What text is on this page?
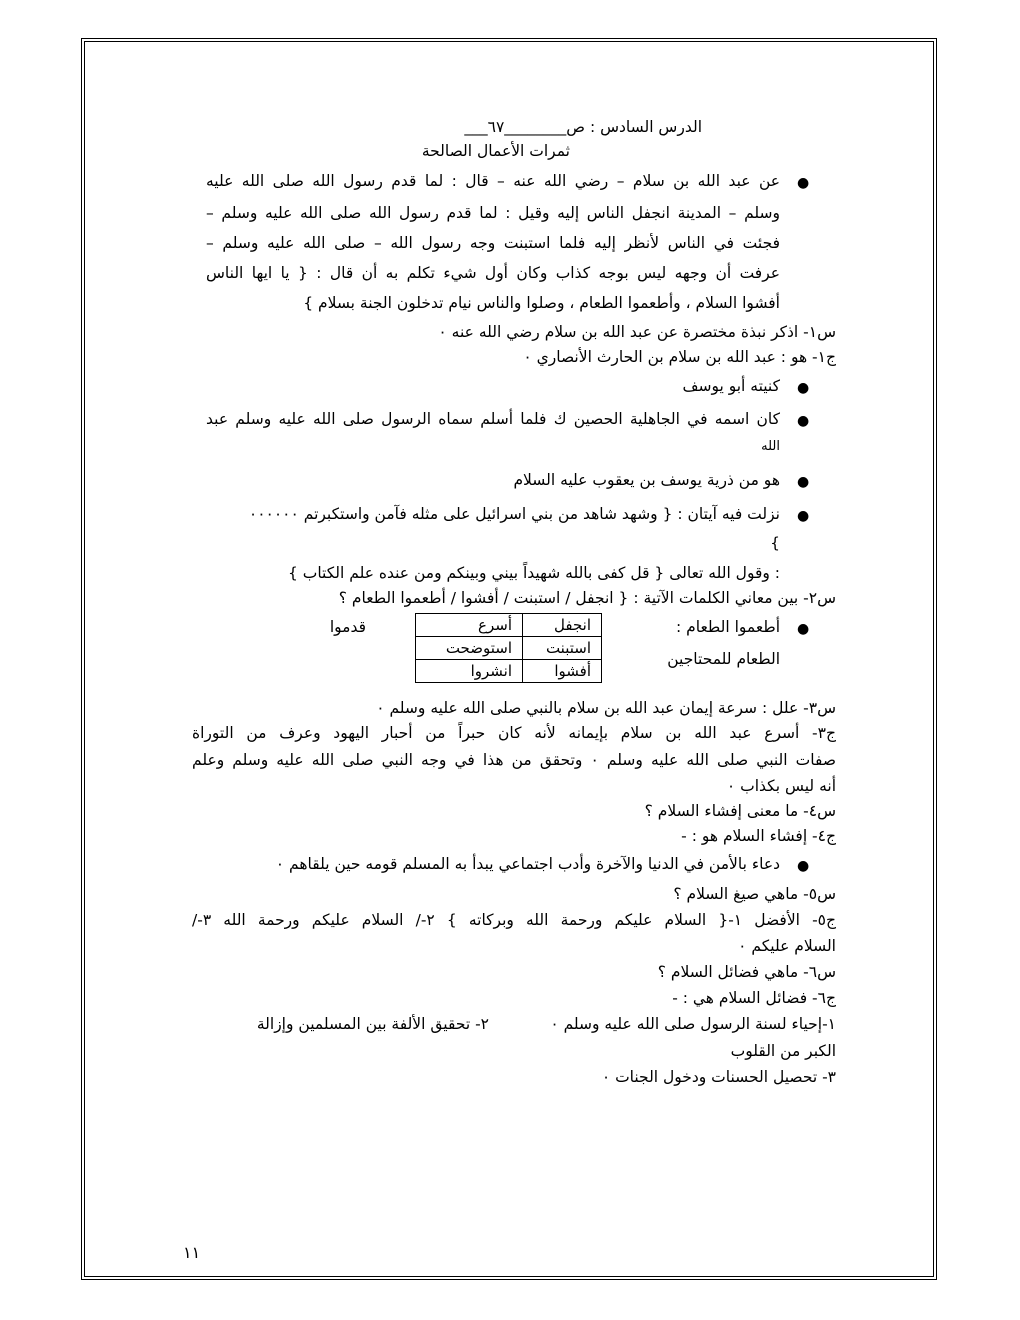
الدرس السادس : ص________٦٧___
ثمرات الأعمال الصالحة
●
عن عبد الله بن سلام – رضي الله عنه – قال : لما قدم رسول الله صلى الله عليه
وسلم – المدينة انجفل الناس إليه وقيل : لما قدم رسول الله صلى الله عليه وسلم –
فجئت في الناس لأنظر إليه فلما استبنت وجه رسول الله – صلى الله عليه وسلم –
عرفت أن وجهه ليس بوجه كذاب وكان أول شيء تكلم به أن قال : { يا ايها الناس
أفشوا السلام ، وأطعموا الطعام ، وصلوا والناس نيام تدخلون الجنة بسلام }
س١- اذكر نبذة مختصرة عن عبد الله بن سلام رضي الله عنه ٠
ج١- هو : عبد الله بن سلام بن الحارث الأنصاري ٠
●
كنيته أبو يوسف
●
كان اسمه في الجاهلية الحصين ك فلما أسلم سماه الرسول صلى الله عليه وسلم عبد
الله
●
هو من ذرية يوسف بن يعقوب عليه السلام
●
نزلت فيه آيتان : { وشهد شاهد من بني اسرائيل على مثله فآمن واستكبرتم ٠٠٠٠٠٠
}
: وقول الله تعالى { قل كفى بالله شهيداً بيني وبينكم ومن عنده علم الكتاب }
س٢- بين معاني الكلمات الآتية : { انجفل / استبنت / أفشوا / أطعموا الطعام ؟
●
أطعموا الطعام :
الطعام للمحتاجين
قدموا	انجفل	أسرع
استبنت	استوضحت
أفشوا	انشروا
س٣- علل : سرعة إيمان عبد الله بن سلام بالنبي صلى الله عليه وسلم ٠
ج٣- أسرع عبد الله بن سلام بإيمانه لأنه كان حبراً من أحبار اليهود وعرف من التوراة
صفات النبي صلى الله عليه وسلم ٠ وتحقق من هذا في وجه النبي صلى الله عليه وسلم وعلم
أنه ليس بكذاب ٠
س٤- ما معنى إفشاء السلام ؟
ج٤- إفشاء السلام هو : -
●
دعاء بالأمن في الدنيا والآخرة وأدب اجتماعي يبدأ به المسلم قومه حين يلقاهم ٠
س٥- ماهي صيغ السلام ؟
ج٥- الأفضل ١-{ السلام عليكم ورحمة الله وبركاته } ٢-/ السلام عليكم ورحمة الله ٣-/
السلام عليكم ٠
س٦- ماهي فضائل السلام ؟
ج٦- فضائل السلام هي : -
١-إحياء لسنة الرسول صلى الله عليه وسلم ٠
٢- تحقيق الألفة بين المسلمين وإزالة
الكبر من القلوب
٣- تحصيل الحسنات ودخول الجنات ٠
١١
